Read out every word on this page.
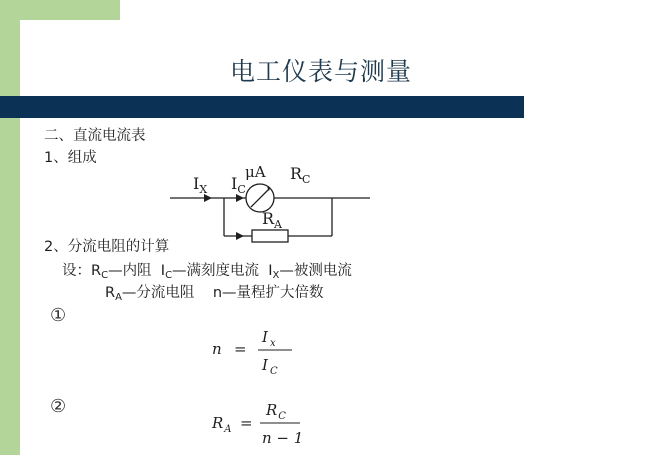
电工仪表与测量
二、直流电流表
1、组成
$I_X$ $I_C$
μA $R_C$
$R_A$
2、分流电阻的计算
设：$R_C—$内阻 $I_C—$满刻度电流 $I_X—$被测电流
$R_A—$分流电阻 n—量程扩大倍数
①
n =
I $_x$
I $_C$
②
$R_A$ =
$R_C$
n − 1
